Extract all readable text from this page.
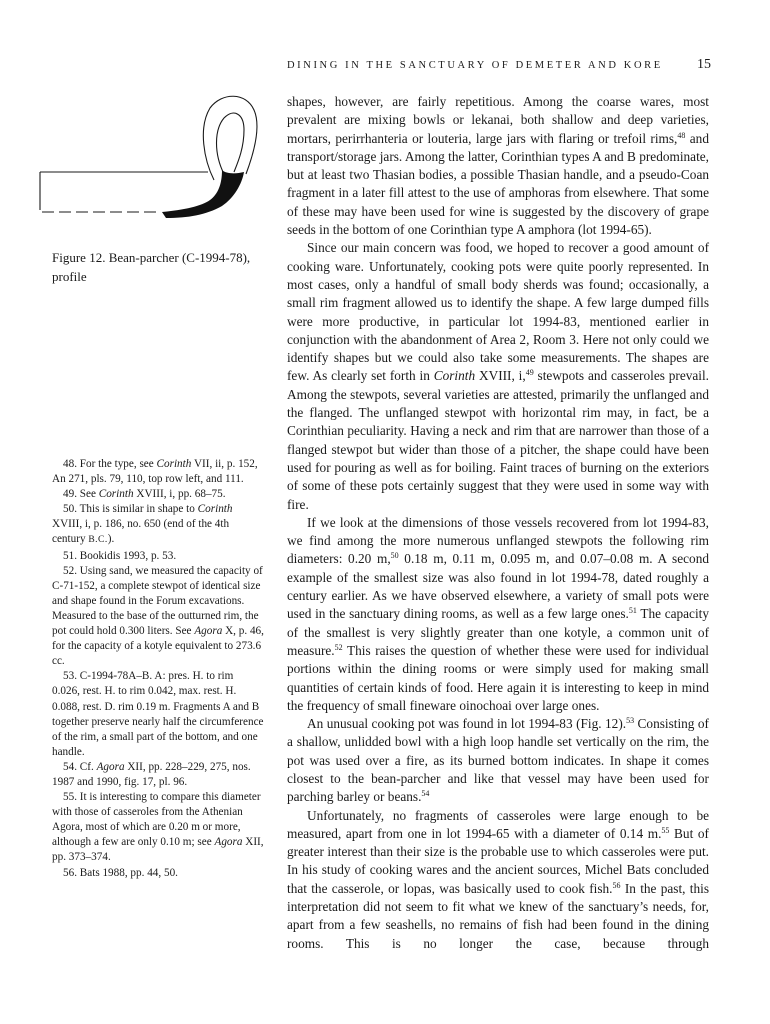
DINING IN THE SANCTUARY OF DEMETER AND KORE 15
Figure 12. Bean-parcher (C-1994-78), profile

48. For the type, see Corinth VII, ii, p. 152, An 271, pls. 79, 110, top row left, and 111.

49. See Corinth XVIII, i, pp. 68–75.

50. This is similar in shape to Corinth XVIII, i, p. 186, no. 650 (end of the 4th century B.C.).

51. Bookidis 1993, p. 53.

52. Using sand, we measured the capacity of C-71-152, a complete stewpot of identical size and shape found in the Forum excavations. Measured to the base of the outturned rim, the pot could hold 0.300 liters. See Agora X, p. 46, for the capacity of a kotyle equivalent to 273.6 cc.

53. C-1994-78A–B. A: pres. H. to rim 0.026, rest. H. to rim 0.042, max. rest. H. 0.088, rest. D. rim 0.19 m. Fragments A and B together preserve nearly half the circumference of the rim, a small part of the bottom, and one handle.

54. Cf. Agora XII, pp. 228–229, 275, nos. 1987 and 1990, fig. 17, pl. 96.

55. It is interesting to compare this diameter with those of casseroles from the Athenian Agora, most of which are 0.20 m or more, although a few are only 0.10 m; see Agora XII, pp. 373–374.

56. Bats 1988, pp. 44, 50.

shapes, however, are fairly repetitious. Among the coarse wares, most prevalent are mixing bowls or lekanai, both shallow and deep varieties, mortars, perirrhanteria or louteria, large jars with flaring or trefoil rims,$^{48}$ and transport/storage jars. Among the latter, Corinthian types A and B predominate, but at least two Thasian bodies, a possible Thasian handle, and a pseudo-Coan fragment in a later fill attest to the use of amphoras from elsewhere. That some of these may have been used for wine is suggested by the discovery of grape seeds in the bottom of one Corinthian type A amphora (lot 1994-65).

Since our main concern was food, we hoped to recover a good amount of cooking ware. Unfortunately, cooking pots were quite poorly represented. In most cases, only a handful of small body sherds was found; occasionally, a small rim fragment allowed us to identify the shape. A few large dumped fills were more productive, in particular lot 1994-83, mentioned earlier in conjunction with the abandonment of Area 2, Room 3. Here not only could we identify shapes but we could also take some measurements. The shapes are few. As clearly set forth in Corinth XVIII, i,$^{49}$ stewpots and casseroles prevail. Among the stewpots, several varieties are attested, primarily the unflanged and the flanged. The unflanged stewpot with horizontal rim may, in fact, be a Corinthian peculiarity. Having a neck and rim that are narrower than those of a flanged stewpot but wider than those of a pitcher, the shape could have been used for pouring as well as for boiling. Faint traces of burning on the exteriors of some of these pots certainly suggest that they were used in some way with fire.

If we look at the dimensions of those vessels recovered from lot 1994-83, we find among the more numerous unflanged stewpots the following rim diameters: 0.20 m,$^{50}$ 0.18 m, 0.11 m, 0.095 m, and 0.07–0.08 m. A second example of the smallest size was also found in lot 1994-78, dated roughly a century earlier. As we have observed elsewhere, a variety of small pots were used in the sanctuary dining rooms, as well as a few large ones.$^{51}$ The capacity of the smallest is very slightly greater than one kotyle, a common unit of measure.$^{52}$ This raises the question of whether these were used for individual portions within the dining rooms or were simply used for making small quantities of certain kinds of food. Here again it is interesting to keep in mind the frequency of small fineware oinochoai over large ones.

An unusual cooking pot was found in lot 1994-83 (Fig. 12).$^{53}$ Consisting of a shallow, unlidded bowl with a high loop handle set vertically on the rim, the pot was used over a fire, as its burned bottom indicates. In shape it comes closest to the bean-parcher and like that vessel may have been used for parching barley or beans.$^{54}$

Unfortunately, no fragments of casseroles were large enough to be measured, apart from one in lot 1994-65 with a diameter of 0.14 m.$^{55}$ But of greater interest than their size is the probable use to which casseroles were put. In his study of cooking wares and the ancient sources, Michel Bats concluded that the casserole, or lopas, was basically used to cook fish.$^{56}$ In the past, this interpretation did not seem to fit what we knew of the sanctuary’s needs, for, apart from a few seashells, no remains of fish had been found in the dining rooms. This is no longer the case, because through
